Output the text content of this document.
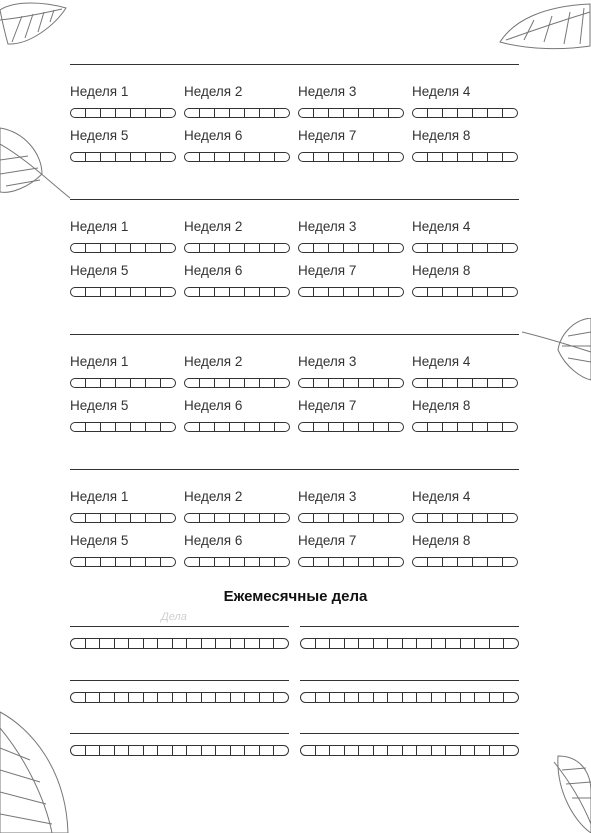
Неделя 1	Неделя 2	Неделя 3	Неделя 4
Неделя 5	Неделя 6	Неделя 7	Неделя 8
Неделя 1	Неделя 2	Неделя 3	Неделя 4
Неделя 5	Неделя 6	Неделя 7	Неделя 8
Неделя 1	Неделя 2	Неделя 3	Неделя 4
Неделя 5	Неделя 6	Неделя 7	Неделя 8
Неделя 1	Неделя 2	Неделя 3	Неделя 4
Неделя 5	Неделя 6	Неделя 7	Неделя 8
Ежемесячные дела
Дела
